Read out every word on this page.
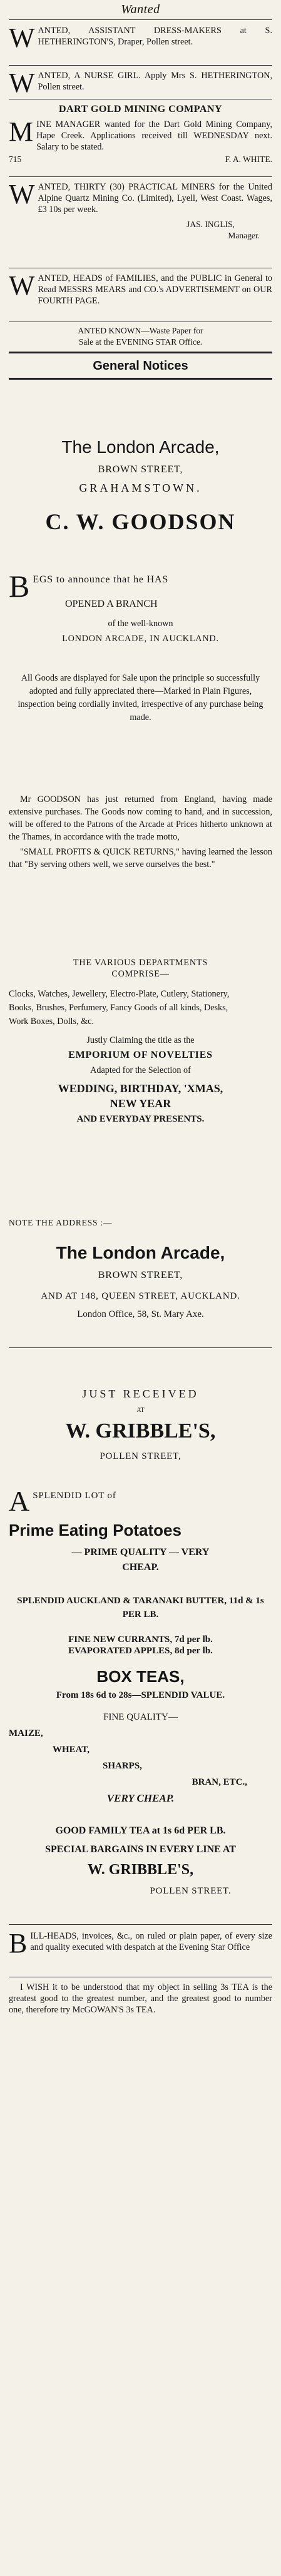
Wanted
W ANTED, ASSISTANT DRESS-MAKERS at S. HETHERINGTON'S, Draper, Pollen street.

W ANTED, A NURSE GIRL. Apply Mrs S. HETHERINGTON, Pollen street.

DART GOLD MINING COMPANY
M INE MANAGER wanted for the Dart Gold Mining Company, Hape Creek. Applications received till WEDNESDAY next. Salary to be stated.

715	F. A. WHITE.
W ANTED, THIRTY (30) PRACTICAL MINERS for the United Alpine Quartz Mining Co. (Limited), Lyell, West Coast. Wages, £3 10s per week.

JAS. INGLIS,

Manager.

W ANTED, HEADS of FAMILIES, and the PUBLIC in General to Read MESSRS MEARS and CO.'s ADVERTISEMENT on OUR FOURTH PAGE.

ANTED KNOWN—Waste Paper for

Sale at the EVENING STAR Office.

General Notices
The London Arcade,
BROWN STREET,
GRAHAMSTOWN.
C. W. GOODSON
B EGS to announce that he HAS

OPENED A BRANCH

of the well-known

LONDON ARCADE, IN AUCKLAND.

All Goods are displayed for Sale upon the principle so successfully adopted and fully appreciated there—Marked in Plain Figures, inspection being cordially invited, irrespective of any purchase being made.

Mr GOODSON has just returned from England, having made extensive purchases. The Goods now coming to hand, and in succession, will be offered to the Patrons of the Arcade at Prices hitherto unknown at the Thames, in accordance with the trade motto,

"SMALL PROFITS & QUICK RETURNS," having learned the lesson that "By serving others well, we serve ourselves the best."

THE VARIOUS DEPARTMENTS

COMPRISE—

Clocks, Watches, Jewellery, Electro-Plate, Cutlery, Stationery, Books, Brushes, Perfumery, Fancy Goods of all kinds, Desks, Work Boxes, Dolls, &c.

Justly Claiming the title as the

EMPORIUM OF NOVELTIES

Adapted for the Selection of

WEDDING, BIRTHDAY, 'XMAS,

NEW YEAR

AND EVERYDAY PRESENTS.

NOTE THE ADDRESS :—

The London Arcade,
BROWN STREET,
AND AT 148, QUEEN STREET, AUCKLAND.
London Office, 58, St. Mary Axe.
JUST RECEIVED
AT
W. GRIBBLE'S,
POLLEN STREET,
A SPLENDID LOT of

Prime Eating Potatoes

— PRIME QUALITY — VERY

CHEAP.

SPLENDID AUCKLAND & TARANAKI BUTTER, 11d & 1s PER LB.

FINE NEW CURRANTS, 7d per lb.

EVAPORATED APPLES, 8d per lb.

BOX TEAS,
From 18s 6d to 28s—SPLENDID VALUE.

FINE QUALITY—

MAIZE,

WHEAT,

SHARPS,

BRAN, ETC.,

VERY CHEAP.

GOOD FAMILY TEA at 1s 6d PER LB.

SPECIAL BARGAINS IN EVERY LINE AT

W. GRIBBLE'S,

POLLEN STREET.

B ILL-HEADS, invoices, &c., on ruled or plain paper, of every size and quality executed with despatch at the Evening Star Office

I WISH it to be understood that my object in selling 3s TEA is the greatest good to the greatest number, and the greatest good to number one, therefore try McGOWAN'S 3s TEA.
